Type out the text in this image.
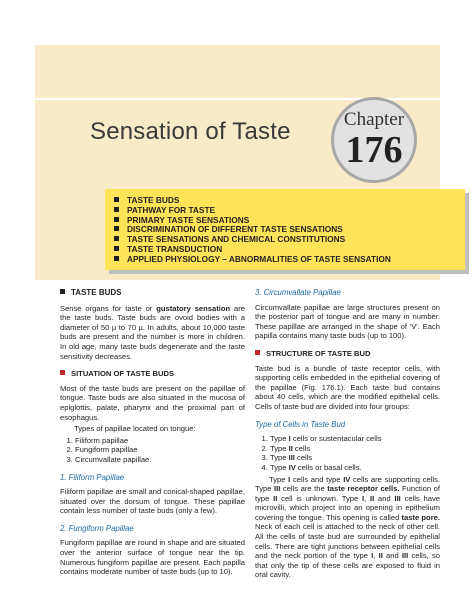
Sensation of Taste	Chapter
176
TASTE BUDS
PATHWAY FOR TASTE
PRIMARY TASTE SENSATIONS
DISCRIMINATION OF DIFFERENT TASTE SENSATIONS
TASTE SENSATIONS AND CHEMICAL CONSTITUTIONS
TASTE TRANSDUCTION
APPLIED PHYSIOLOGY – ABNORMALITIES OF TASTE SENSATION
TASTE BUDS

Sense organs for taste or gustatory sensation are the taste buds. Taste buds are ovoid bodies with a diameter of 50 µ to 70 µ. In adults, about 10,000 taste buds are present and the number is more in children. In old age, many taste buds degenerate and the taste sensitivity decreases.

SITUATION OF TASTE BUDS

Most of the taste buds are present on the papillae of tongue. Taste buds are also situated in the mucosa of epiglottis, palate, pharynx and the proximal part of esophagus.

Types of papillae located on tongue:

1. Filiform papillae
2. Fungiform papillae
3. Circumvallate papillae.
1. Filiform Papillae

Filiform papillae are small and conical-shaped papillae, situated over the dorsum of tongue. These papillae contain less number of taste buds (only a few).

2. Fungiform Papillae

Fungiform papillae are round in shape and are situated over the anterior surface of tongue near the tip. Numerous fungiform papillae are present. Each papilla contains moderate number of taste buds (up to 10).

3. Circumvallate Papillae

Circumvallate papillae are large structures present on the posterior part of tongue and are many in number. These papillae are arranged in the shape of 'V'. Each papilla contains many taste buds (up to 100).

STRUCTURE OF TASTE BUD

Taste bud is a bundle of taste receptor cells, with supporting cells embedded in the epithelial covering of the papillae (Fig. 176.1). Each taste bud contains about 40 cells, which are the modified epithelial cells. Cells of taste bud are divided into four groups:

Type of Cells in Taste Bud
1. Type I cells or sustentacular cells
2. Type II cells
3. Type III cells
4. Type IV cells or basal cells.

Type I cells and type IV cells are supporting cells. Type III cells are the taste receptor cells. Function of type II cell is unknown. Type I, II and III cells have microvilli, which project into an opening in epithelium covering the tongue. This opening is called taste pore. Neck of each cell is attached to the neck of other cell. All the cells of taste bud are surrounded by epithelial cells. There are tight junctions between epithelial cells and the neck portion of the type I, II and III cells, so that only the tip of these cells are exposed to fluid in oral cavity.
